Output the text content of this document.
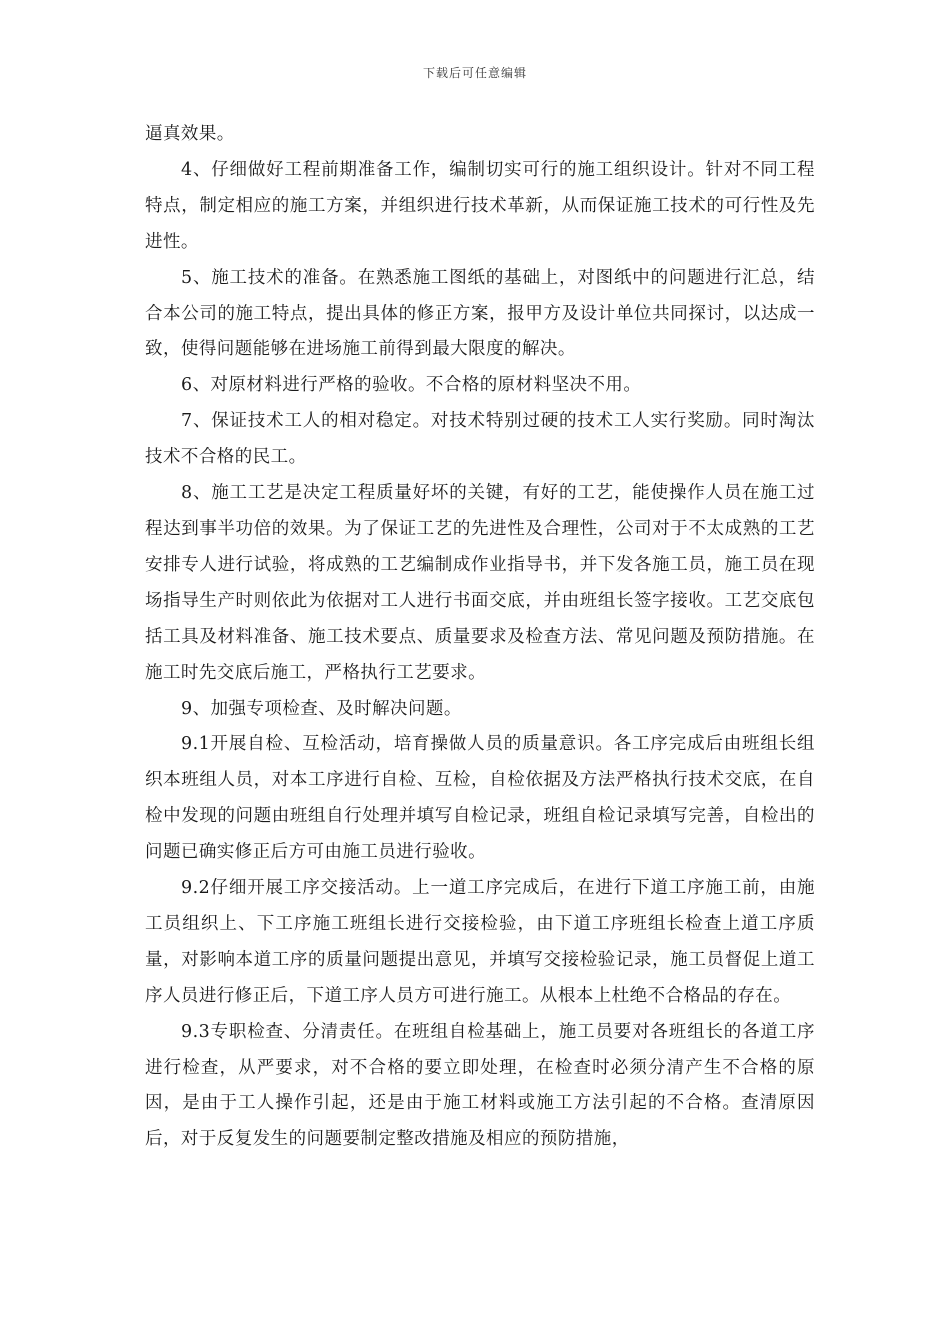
下载后可任意编辑

逼真效果。

4、仔细做好工程前期准备工作，编制切实可行的施工组织设计。针对不同工程特点，制定相应的施工方案，并组织进行技术革新，从而保证施工技术的可行性及先进性。

5、施工技术的准备。在熟悉施工图纸的基础上，对图纸中的问题进行汇总，结合本公司的施工特点，提出具体的修正方案，报甲方及设计单位共同探讨，以达成一致，使得问题能够在进场施工前得到最大限度的解决。

6、对原材料进行严格的验收。不合格的原材料坚决不用。

7、保证技术工人的相对稳定。对技术特别过硬的技术工人实行奖励。同时淘汰技术不合格的民工。

8、施工工艺是决定工程质量好坏的关键，有好的工艺，能使操作人员在施工过程达到事半功倍的效果。为了保证工艺的先进性及合理性，公司对于不太成熟的工艺安排专人进行试验，将成熟的工艺编制成作业指导书，并下发各施工员，施工员在现场指导生产时则依此为依据对工人进行书面交底，并由班组长签字接收。工艺交底包括工具及材料准备、施工技术要点、质量要求及检查方法、常见问题及预防措施。在施工时先交底后施工，严格执行工艺要求。

9、加强专项检查、及时解决问题。

9.1开展自检、互检活动，培育操做人员的质量意识。各工序完成后由班组长组织本班组人员，对本工序进行自检、互检，自检依据及方法严格执行技术交底，在自检中发现的问题由班组自行处理并填写自检记录，班组自检记录填写完善，自检出的问题已确实修正后方可由施工员进行验收。

9.2仔细开展工序交接活动。上一道工序完成后，在进行下道工序施工前，由施工员组织上、下工序施工班组长进行交接检验，由下道工序班组长检查上道工序质量，对影响本道工序的质量问题提出意见，并填写交接检验记录，施工员督促上道工序人员进行修正后，下道工序人员方可进行施工。从根本上杜绝不合格品的存在。

9.3专职检查、分清责任。在班组自检基础上，施工员要对各班组长的各道工序进行检查，从严要求，对不合格的要立即处理，在检查时必须分清产生不合格的原因，是由于工人操作引起，还是由于施工材料或施工方法引起的不合格。查清原因后，对于反复发生的问题要制定整改措施及相应的预防措施，
